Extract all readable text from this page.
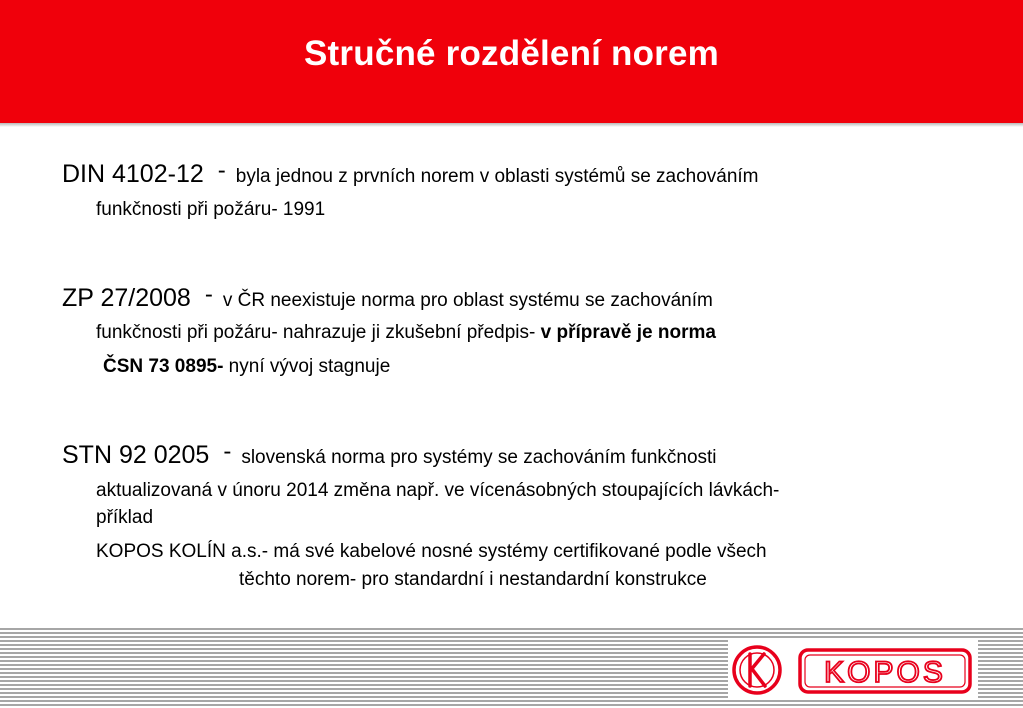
Stručné rozdělení norem
DIN 4102-12 - byla jednou z prvních norem v oblasti systémů se zachováním
funkčnosti při požáru- 1991
ZP 27/2008 - v ČR neexistuje norma pro oblast systému se zachováním
funkčnosti při požáru- nahrazuje ji zkušební předpis- v přípravě je norma
ČSN 73 0895- nyní vývoj stagnuje
STN 92 0205 - slovenská norma pro systémy se zachováním funkčnosti
aktualizovaná v únoru 2014 změna např. ve vícenásobných stoupajících lávkách-
příklad
KOPOS KOLÍN a.s.- má své kabelové nosné systémy certifikované podle všech
těchto norem- pro standardní i nestandardní konstrukce
KOPOS
